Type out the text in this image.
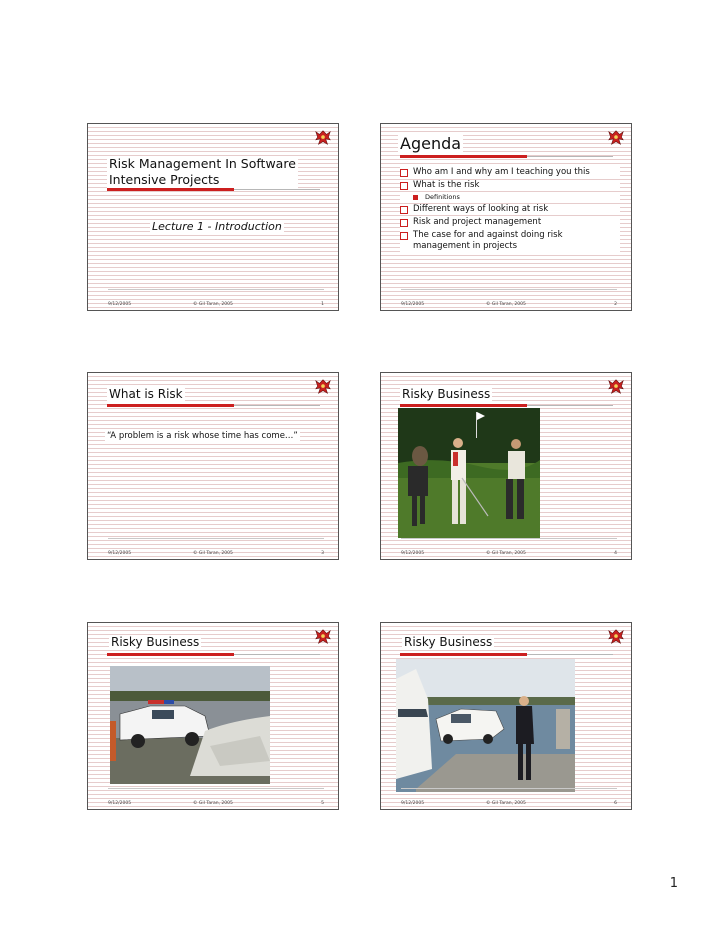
Risk Management In Software
Intensive Projects
Lecture 1 - Introduction
9/12/2005	© Gil Taran, 2005	1
Agenda
Who am I and why am I teaching you this
What is the risk
Definitions
Different ways of looking at risk
Risk and project management
The case for and against doing risk management in projects
9/12/2005	© Gil Taran, 2005	2
What is Risk
“A problem is a risk whose time has come…”
9/12/2005	© Gil Taran, 2005	3
Risky Business
9/12/2005	© Gil Taran, 2005	4
Risky Business
9/12/2005	© Gil Taran, 2005	5
Risky Business
9/12/2005	© Gil Taran, 2005	6
1
